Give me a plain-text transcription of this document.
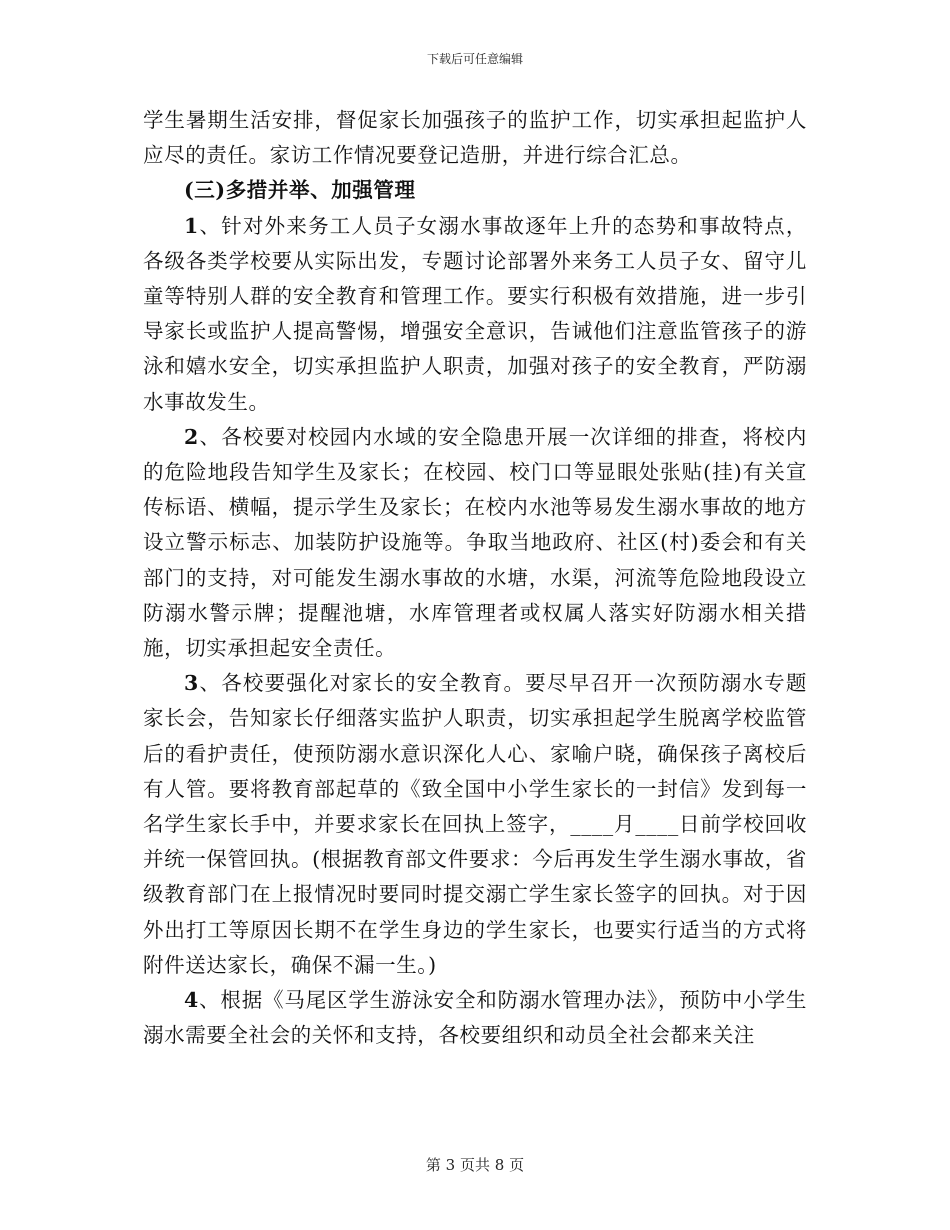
下载后可任意编辑

学生暑期生活安排，督促家长加强孩子的监护工作，切实承担起监护人应尽的责任。家访工作情况要登记造册，并进行综合汇总。

(三)多措并举、加强管理

1、针对外来务工人员子女溺水事故逐年上升的态势和事故特点，各级各类学校要从实际出发，专题讨论部署外来务工人员子女、留守儿童等特别人群的安全教育和管理工作。要实行积极有效措施，进一步引导家长或监护人提高警惕，增强安全意识，告诫他们注意监管孩子的游泳和嬉水安全，切实承担监护人职责，加强对孩子的安全教育，严防溺水事故发生。

2、各校要对校园内水域的安全隐患开展一次详细的排查，将校内的危险地段告知学生及家长；在校园、校门口等显眼处张贴(挂)有关宣传标语、横幅，提示学生及家长；在校内水池等易发生溺水事故的地方设立警示标志、加装防护设施等。争取当地政府、社区(村)委会和有关部门的支持，对可能发生溺水事故的水塘，水渠，河流等危险地段设立防溺水警示牌；提醒池塘，水库管理者或权属人落实好防溺水相关措施，切实承担起安全责任。

3、各校要强化对家长的安全教育。要尽早召开一次预防溺水专题家长会，告知家长仔细落实监护人职责，切实承担起学生脱离学校监管后的看护责任，使预防溺水意识深化人心、家喻户晓，确保孩子离校后有人管。要将教育部起草的《致全国中小学生家长的一封信》发到每一名学生家长手中，并要求家长在回执上签字，____月____日前学校回收并统一保管回执。(根据教育部文件要求：今后再发生学生溺水事故，省级教育部门在上报情况时要同时提交溺亡学生家长签字的回执。对于因外出打工等原因长期不在学生身边的学生家长，也要实行适当的方式将附件送达家长，确保不漏一生。)

4、根据《马尾区学生游泳安全和防溺水管理办法》，预防中小学生溺水需要全社会的关怀和支持，各校要组织和动员全社会都来关注

第 3 页共 8 页
